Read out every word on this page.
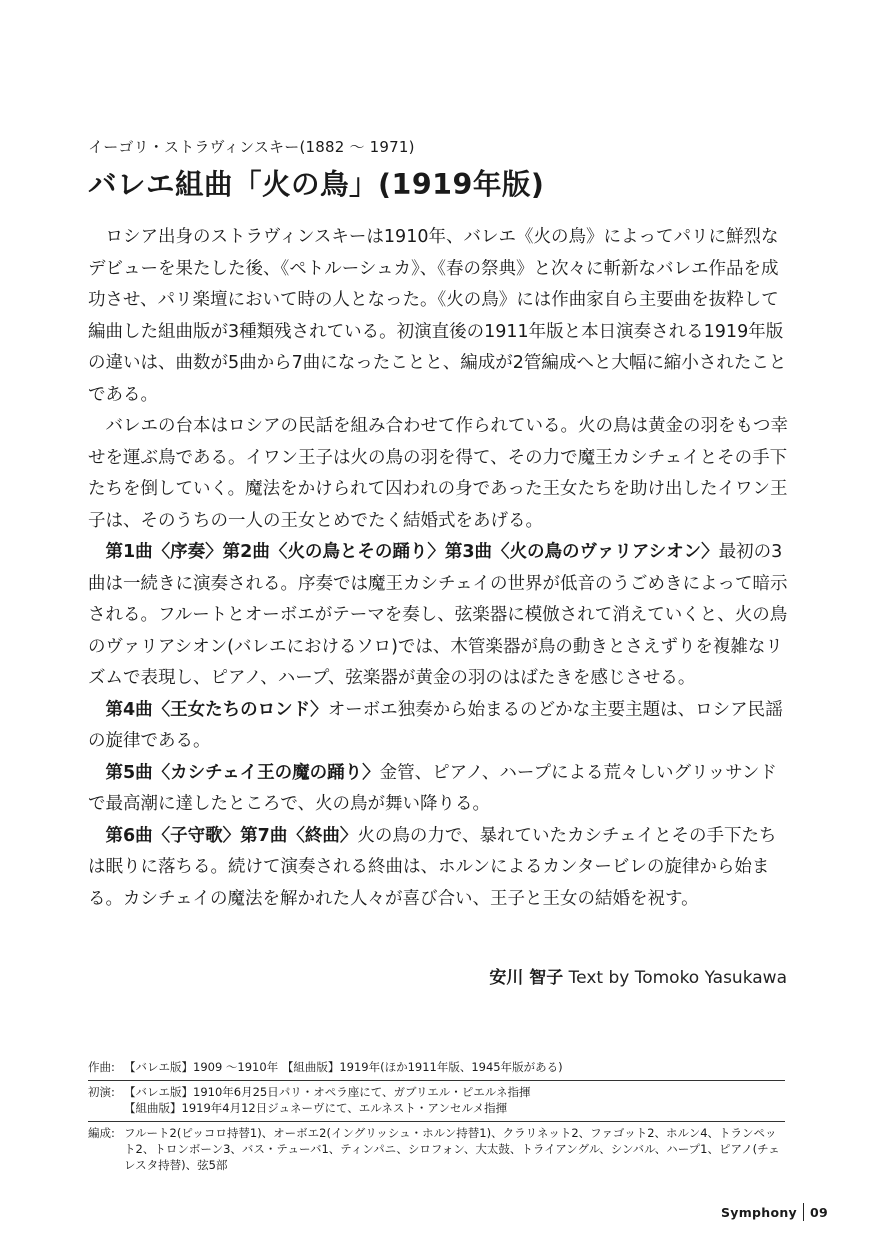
イーゴリ・ストラヴィンスキー(1882 ～ 1971)
バレエ組曲「火の鳥」(1919年版)

ロシア出身のストラヴィンスキーは1910年、バレエ《火の鳥》によってパリに鮮烈なデビューを果たした後、《ペトルーシュカ》、《春の祭典》と次々に斬新なバレエ作品を成功させ、パリ楽壇において時の人となった。《火の鳥》には作曲家自ら主要曲を抜粋して編曲した組曲版が3種類残されている。初演直後の1911年版と本日演奏される1919年版の違いは、曲数が5曲から7曲になったことと、編成が2管編成へと大幅に縮小されたことである。

バレエの台本はロシアの民話を組み合わせて作られている。火の鳥は黄金の羽をもつ幸せを運ぶ鳥である。イワン王子は火の鳥の羽を得て、その力で魔王カシチェイとその手下たちを倒していく。魔法をかけられて囚われの身であった王女たちを助け出したイワン王子は、そのうちの一人の王女とめでたく結婚式をあげる。

第1曲〈序奏〉第2曲〈火の鳥とその踊り〉第3曲〈火の鳥のヴァリアシオン〉最初の3曲は一続きに演奏される。序奏では魔王カシチェイの世界が低音のうごめきによって暗示される。フルートとオーボエがテーマを奏し、弦楽器に模倣されて消えていくと、火の鳥のヴァリアシオン(バレエにおけるソロ)では、木管楽器が鳥の動きとさえずりを複雑なリズムで表現し、ピアノ、ハープ、弦楽器が黄金の羽のはばたきを感じさせる。

第4曲〈王女たちのロンド〉オーボエ独奏から始まるのどかな主要主題は、ロシア民謡の旋律である。

第5曲〈カシチェイ王の魔の踊り〉金管、ピアノ、ハープによる荒々しいグリッサンドで最高潮に達したところで、火の鳥が舞い降りる。

第6曲〈子守歌〉第7曲〈終曲〉火の鳥の力で、暴れていたカシチェイとその手下たちは眠りに落ちる。続けて演奏される終曲は、ホルンによるカンタービレの旋律から始まる。カシチェイの魔法を解かれた人々が喜び合い、王子と王女の結婚を祝す。

安川 智子 Text by Tomoko Yasukawa
作曲: 【バレエ版】1909 ～1910年 【組曲版】1919年(ほか1911年版、1945年版がある)
初演: 【バレエ版】1910年6月25日パリ・オペラ座にて、ガブリエル・ピエルネ指揮
【組曲版】1919年4月12日ジュネーヴにて、エルネスト・アンセルメ指揮
編成: フルート2(ピッコロ持替1)、オーボエ2(イングリッシュ・ホルン持替1)、クラリネット2、ファゴット2、ホルン4、トランペット2、トロンボーン3、バス・テューバ1、ティンパニ、シロフォン、大太鼓、トライアングル、シンバル、ハープ1、ピアノ(チェレスタ持替)、弦5部
Symphony 09
